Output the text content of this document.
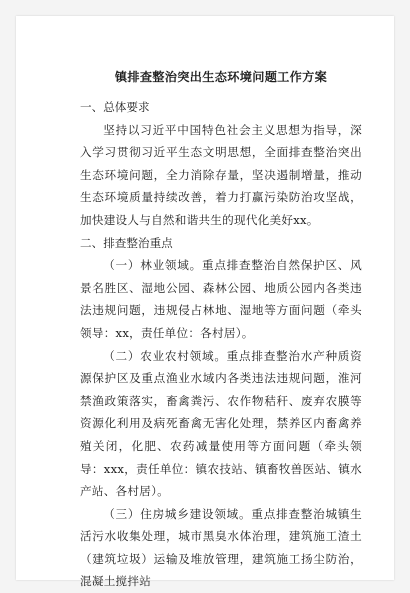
镇排查整治突出生态环境问题工作方案

一、总体要求

坚持以习近平中国特色社会主义思想为指导，深入学习贯彻习近平生态文明思想，全面排查整治突出生态环境问题，全力消除存量，坚决遏制增量，推动生态环境质量持续改善，着力打赢污染防治攻坚战，加快建设人与自然和谐共生的现代化美好xx。

二、排查整治重点

（一）林业领域。重点排查整治自然保护区、风景名胜区、湿地公园、森林公园、地质公园内各类违法违规问题，违规侵占林地、湿地等方面问题（牵头领导：xx，责任单位：各村居）。

（二）农业农村领域。重点排查整治水产种质资源保护区及重点渔业水域内各类违法违规问题，淮河禁渔政策落实，畜禽粪污、农作物秸秆、废弃农膜等资源化利用及病死畜禽无害化处理，禁养区内畜禽养殖关闭，化肥、农药减量使用等方面问题（牵头领导：xxx，责任单位：镇农技站、镇畜牧兽医站、镇水产站、各村居）。

（三）住房城乡建设领域。重点排查整治城镇生活污水收集处理，城市黑臭水体治理，建筑施工渣土（建筑垃圾）运输及堆放管理，建筑施工扬尘防治，混凝土搅拌站
